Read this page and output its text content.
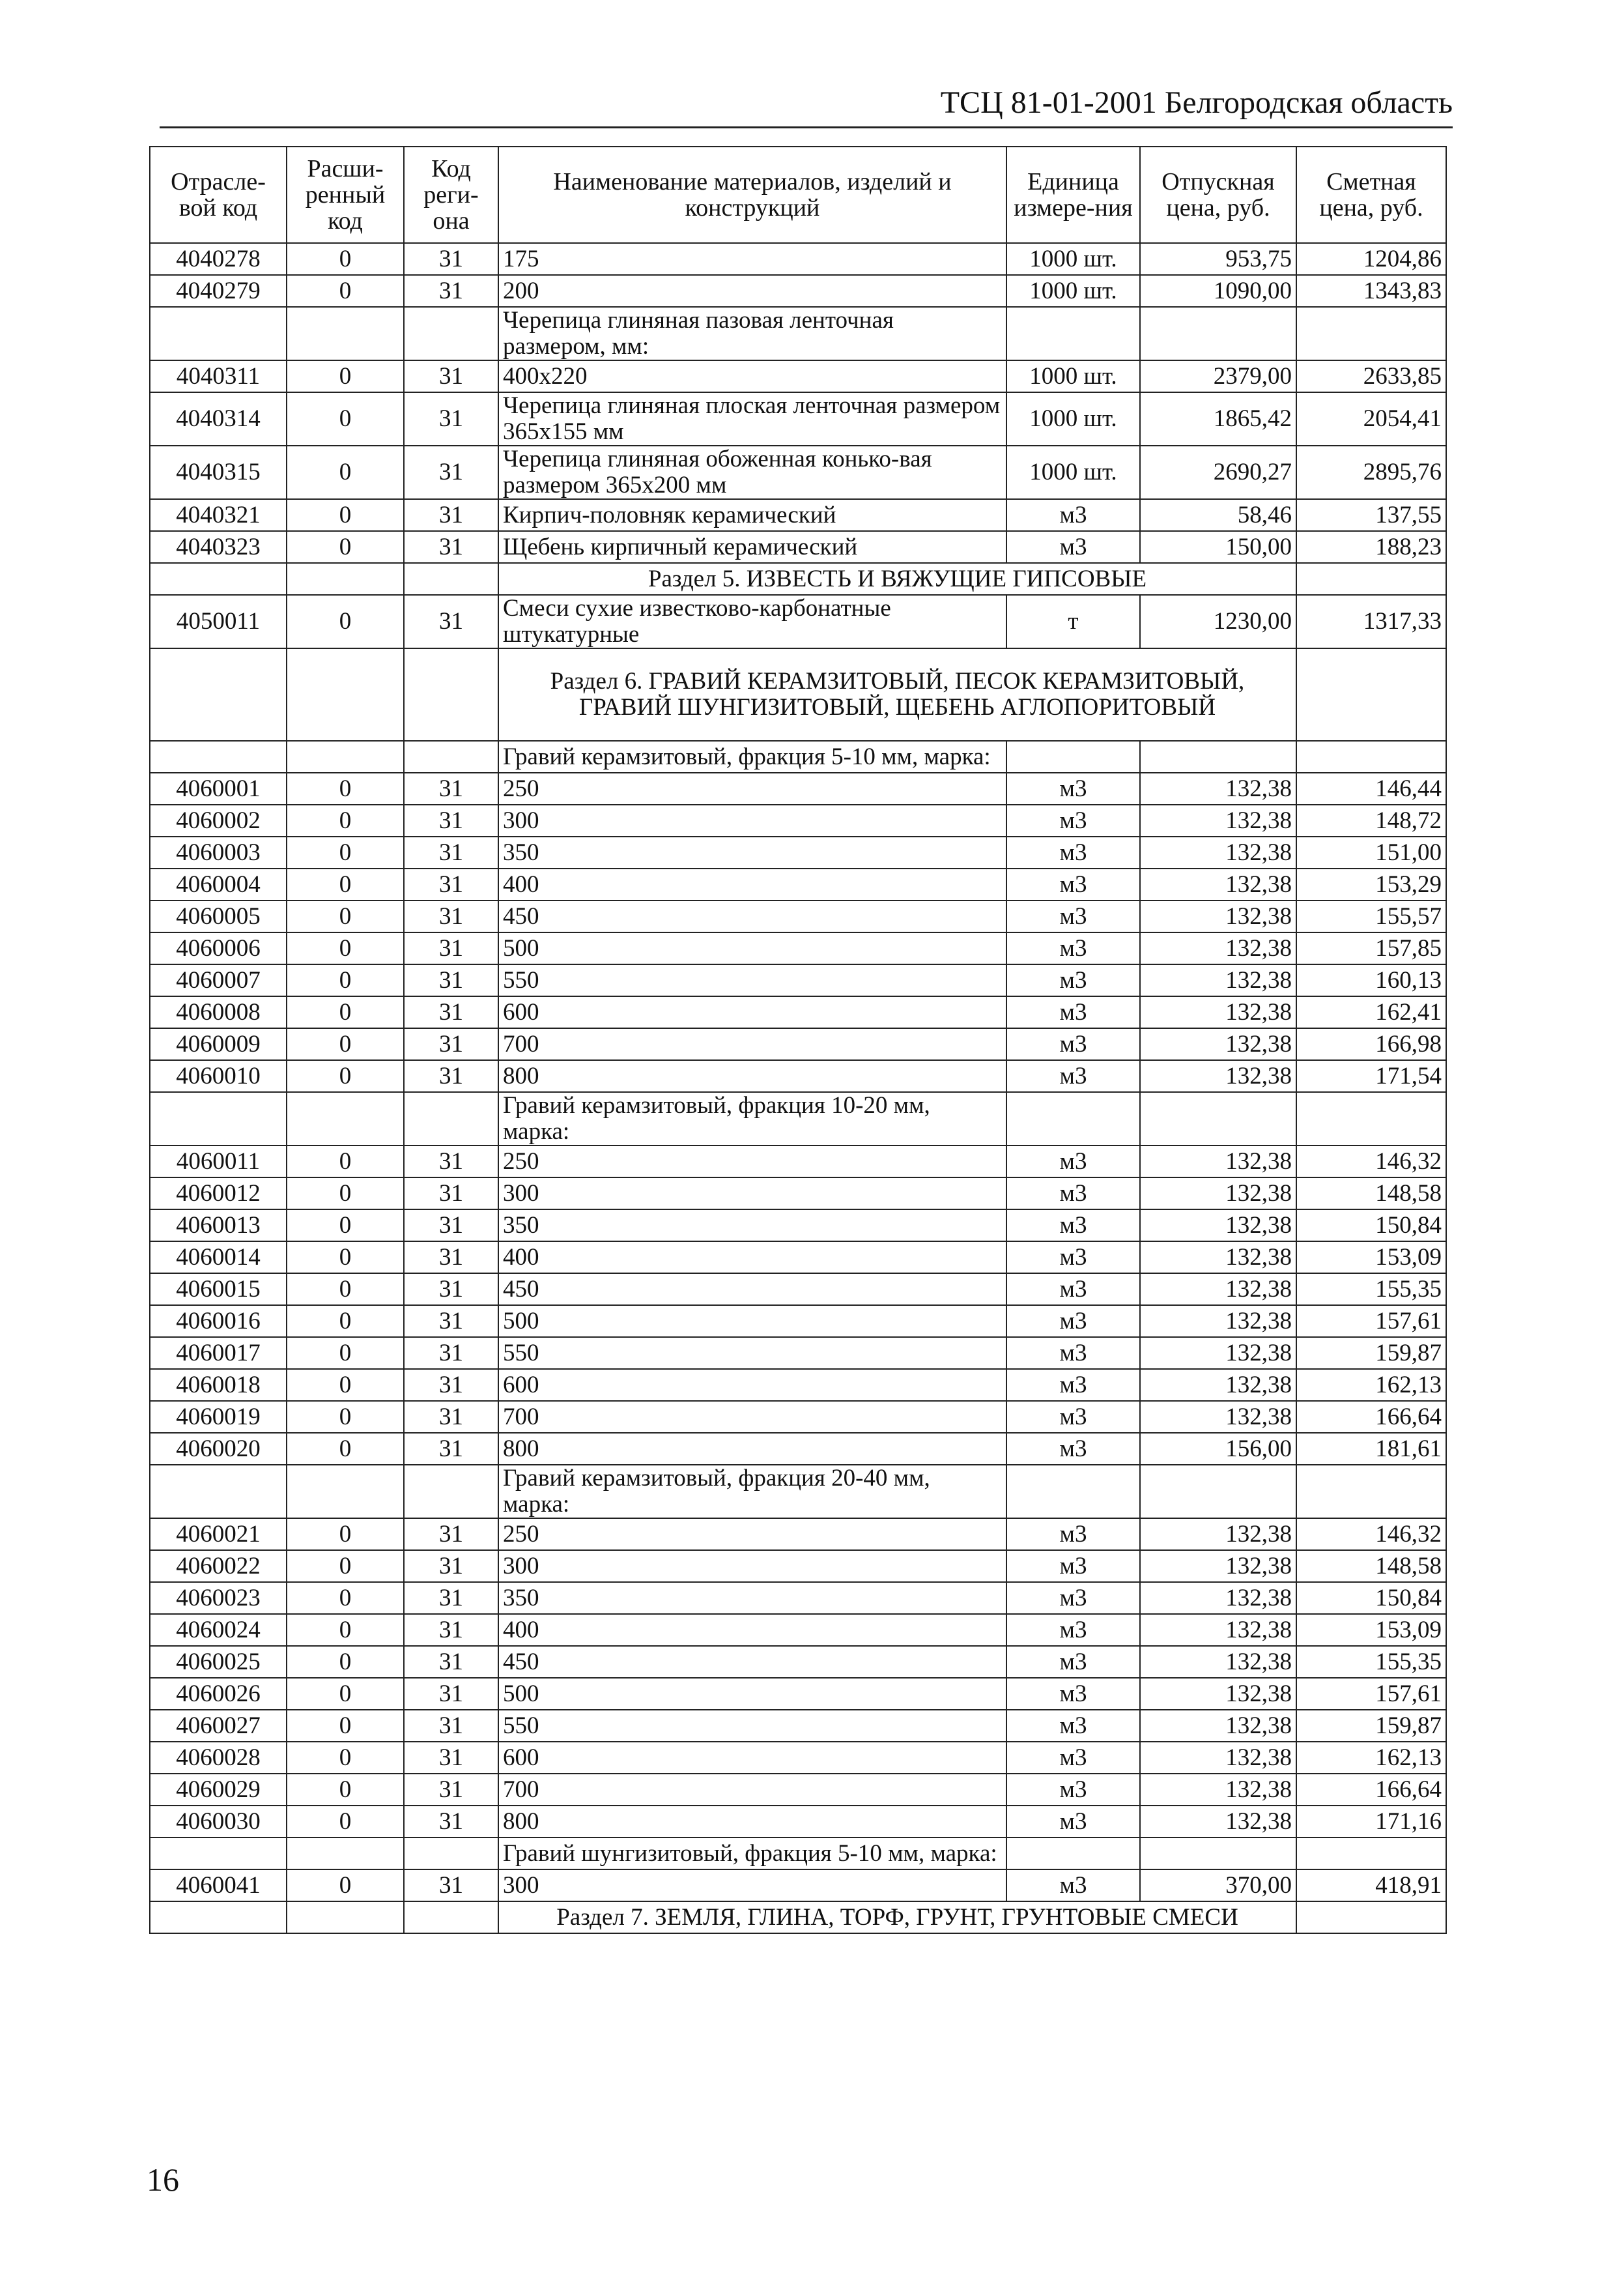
ТСЦ 81-01-2001 Белгородская область
Отрасле-вой код	Расши-ренный код	Код реги-она	Наименование материалов, изделий и конструкций	Единица измере-ния	Отпускная цена, руб.	Сметная цена, руб.
4040278	0	31	175	1000 шт.	953,75	1204,86
4040279	0	31	200	1000 шт.	1090,00	1343,83
			Черепица глиняная пазовая ленточная размером, мм:			
4040311	0	31	400х220	1000 шт.	2379,00	2633,85
4040314	0	31	Черепица глиняная плоская ленточная размером 365х155 мм	1000 шт.	1865,42	2054,41
4040315	0	31	Черепица глиняная обоженная конько-вая размером 365х200 мм	1000 шт.	2690,27	2895,76
4040321	0	31	Кирпич-половняк керамический	м3	58,46	137,55
4040323	0	31	Щебень кирпичный керамический	м3	150,00	188,23
			Раздел 5. ИЗВЕСТЬ И ВЯЖУЩИЕ ГИПСОВЫЕ			
4050011	0	31	Смеси сухие известково-карбонатные штукатурные	т	1230,00	1317,33
			Раздел 6. ГРАВИЙ КЕРАМЗИТОВЫЙ, ПЕСОК КЕРАМЗИТОВЫЙ, ГРАВИЙ ШУНГИЗИТОВЫЙ, ЩЕБЕНЬ АГЛОПОРИТОВЫЙ			
			Гравий керамзитовый, фракция 5-10 мм, марка:			
4060001	0	31	250	м3	132,38	146,44
4060002	0	31	300	м3	132,38	148,72
4060003	0	31	350	м3	132,38	151,00
4060004	0	31	400	м3	132,38	153,29
4060005	0	31	450	м3	132,38	155,57
4060006	0	31	500	м3	132,38	157,85
4060007	0	31	550	м3	132,38	160,13
4060008	0	31	600	м3	132,38	162,41
4060009	0	31	700	м3	132,38	166,98
4060010	0	31	800	м3	132,38	171,54
			Гравий керамзитовый, фракция 10-20 мм, марка:			
4060011	0	31	250	м3	132,38	146,32
4060012	0	31	300	м3	132,38	148,58
4060013	0	31	350	м3	132,38	150,84
4060014	0	31	400	м3	132,38	153,09
4060015	0	31	450	м3	132,38	155,35
4060016	0	31	500	м3	132,38	157,61
4060017	0	31	550	м3	132,38	159,87
4060018	0	31	600	м3	132,38	162,13
4060019	0	31	700	м3	132,38	166,64
4060020	0	31	800	м3	156,00	181,61
			Гравий керамзитовый, фракция 20-40 мм, марка:			
4060021	0	31	250	м3	132,38	146,32
4060022	0	31	300	м3	132,38	148,58
4060023	0	31	350	м3	132,38	150,84
4060024	0	31	400	м3	132,38	153,09
4060025	0	31	450	м3	132,38	155,35
4060026	0	31	500	м3	132,38	157,61
4060027	0	31	550	м3	132,38	159,87
4060028	0	31	600	м3	132,38	162,13
4060029	0	31	700	м3	132,38	166,64
4060030	0	31	800	м3	132,38	171,16
			Гравий шунгизитовый, фракция 5-10 мм, марка:			
4060041	0	31	300	м3	370,00	418,91
			Раздел 7. ЗЕМЛЯ, ГЛИНА, ТОРФ, ГРУНТ, ГРУНТОВЫЕ СМЕСИ			
16
